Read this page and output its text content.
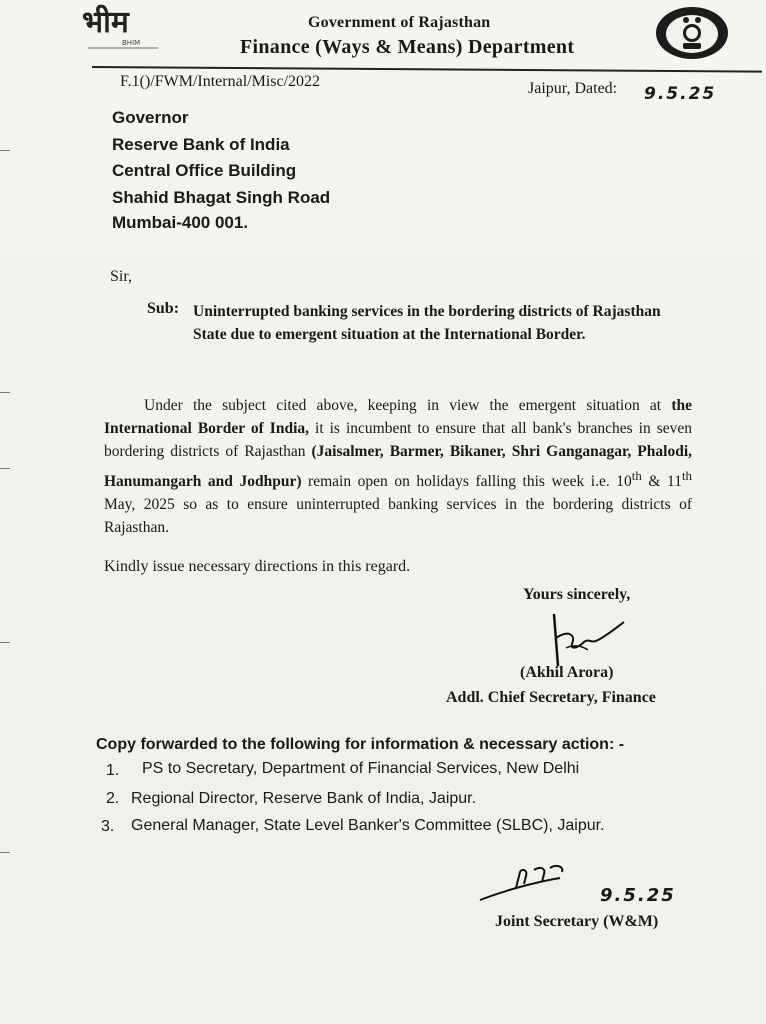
भीम
BHIM
Government of Rajasthan
Finance (Ways & Means) Department
F.1()/FWM/Internal/Misc/2022	Jaipur, Dated: 9.5.25
Governor
Reserve Bank of India
Central Office Building
Shahid Bhagat Singh Road
Mumbai-400 001.
Sir,
Sub: Uninterrupted banking services in the bordering districts of Rajasthan State due to emergent situation at the International Border.

Under the subject cited above, keeping in view the emergent situation at the International Border of India, it is incumbent to ensure that all bank's branches in seven bordering districts of Rajasthan (Jaisalmer, Barmer, Bikaner, Shri Ganganagar, Phalodi, Hanumangarh and Jodhpur) remain open on holidays falling this week i.e. 10th & 11th May, 2025 so as to ensure uninterrupted banking services in the bordering districts of Rajasthan.

Kindly issue necessary directions in this regard.
Yours sincerely,
(Akhil Arora)
Addl. Chief Secretary, Finance
Copy forwarded to the following for information & necessary action: -
1. PS to Secretary, Department of Financial Services, New Delhi
2. Regional Director, Reserve Bank of India, Jaipur.
3. General Manager, State Level Banker's Committee (SLBC), Jaipur.
9.5.25
Joint Secretary (W&M)
